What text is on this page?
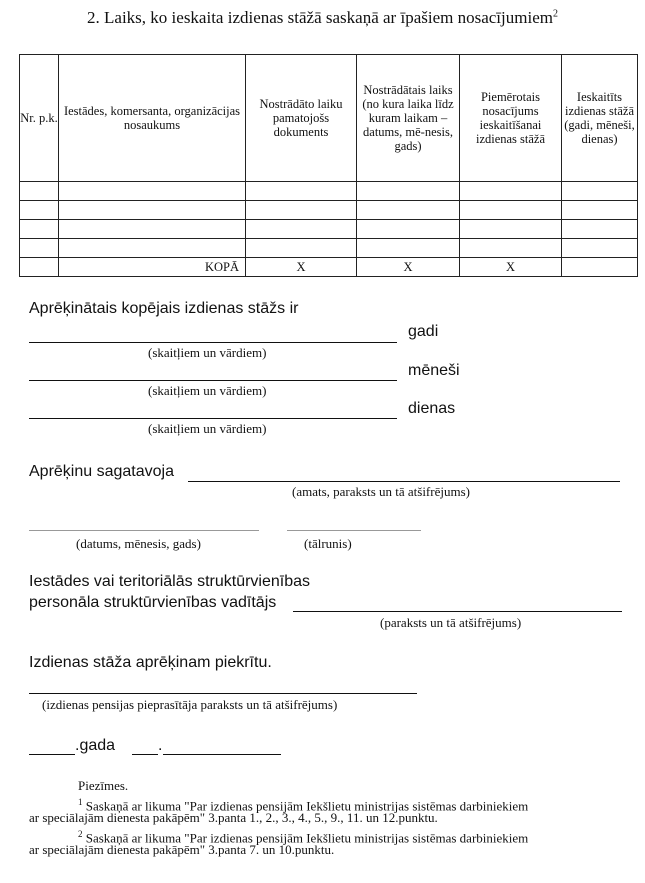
2. Laiks, ko ieskaita izdienas stāžā saskaņā ar īpašiem nosacījumiem$^2$
Nr. p.k.	Iestādes, komersanta, organizācijas nosaukums	Nostrādāto laiku pamatojošs dokuments	Nostrādātais laiks (no kura laika līdz kuram laikam – datums, mē-nesis, gads)	Piemērotais nosacījums ieskaitīšanai izdienas stāžā	Ieskaitīts izdienas stāžā (gadi, mēneši, dienas)

	KOPĀ	X	X	X	
Aprēķinātais kopējais izdienas stāžs ir
gadi
(skaitļiem un vārdiem)
mēneši
(skaitļiem un vārdiem)
dienas
(skaitļiem un vārdiem)
Aprēķinu sagatavoja
(amats, paraksts un tā atšifrējums)
(datums, mēnesis, gads)	(tālrunis)
Iestādes vai teritoriālās struktūrvienības
personāla struktūrvienības vadītājs
(paraksts un tā atšifrējums)
Izdienas stāža aprēķinam piekrītu.
(izdienas pensijas pieprasītāja paraksts un tā atšifrējums)
.gada	.
Piezīmes.
$^1$ Saskaņā ar likuma "Par izdienas pensijām Iekšlietu ministrijas sistēmas darbiniekiem
ar speciālajām dienesta pakāpēm" 3.panta 1., 2., 3., 4., 5., 9., 11. un 12.punktu.
$^2$ Saskaņā ar likuma "Par izdienas pensijām Iekšlietu ministrijas sistēmas darbiniekiem
ar speciālajām dienesta pakāpēm" 3.panta 7. un 10.punktu.
